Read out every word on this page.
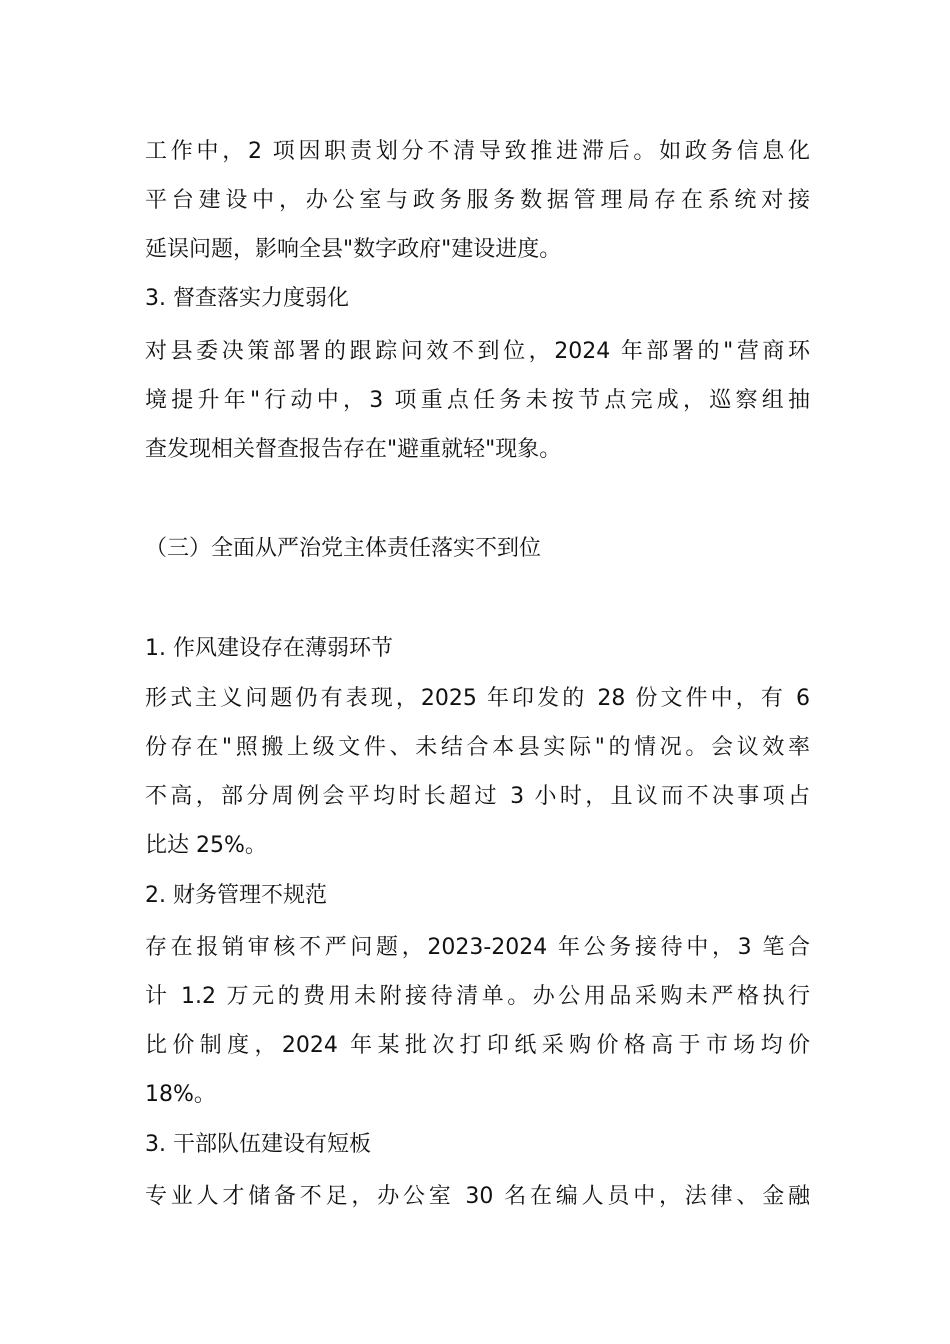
工作中，2 项因职责划分不清导致推进滞后。如政务信息化
平台建设中，办公室与政务服务数据管理局存在系统对接
延误问题，影响全县"数字政府"建设进度。
3. 督查落实力度弱化
对县委决策部署的跟踪问效不到位，2024 年部署的"营商环
境提升年"行动中，3 项重点任务未按节点完成，巡察组抽
查发现相关督查报告存在"避重就轻"现象。
（三）全面从严治党主体责任落实不到位
1. 作风建设存在薄弱环节
形式主义问题仍有表现，2025 年印发的 28 份文件中，有 6
份存在"照搬上级文件、未结合本县实际"的情况。会议效率
不高，部分周例会平均时长超过 3 小时，且议而不决事项占
比达 25%。
2. 财务管理不规范
存在报销审核不严问题，2023-2024 年公务接待中，3 笔合
计 1.2 万元的费用未附接待清单。办公用品采购未严格执行
比价制度，2024 年某批次打印纸采购价格高于市场均价
18%。
3. 干部队伍建设有短板
专业人才储备不足，办公室 30 名在编人员中，法律、金融
